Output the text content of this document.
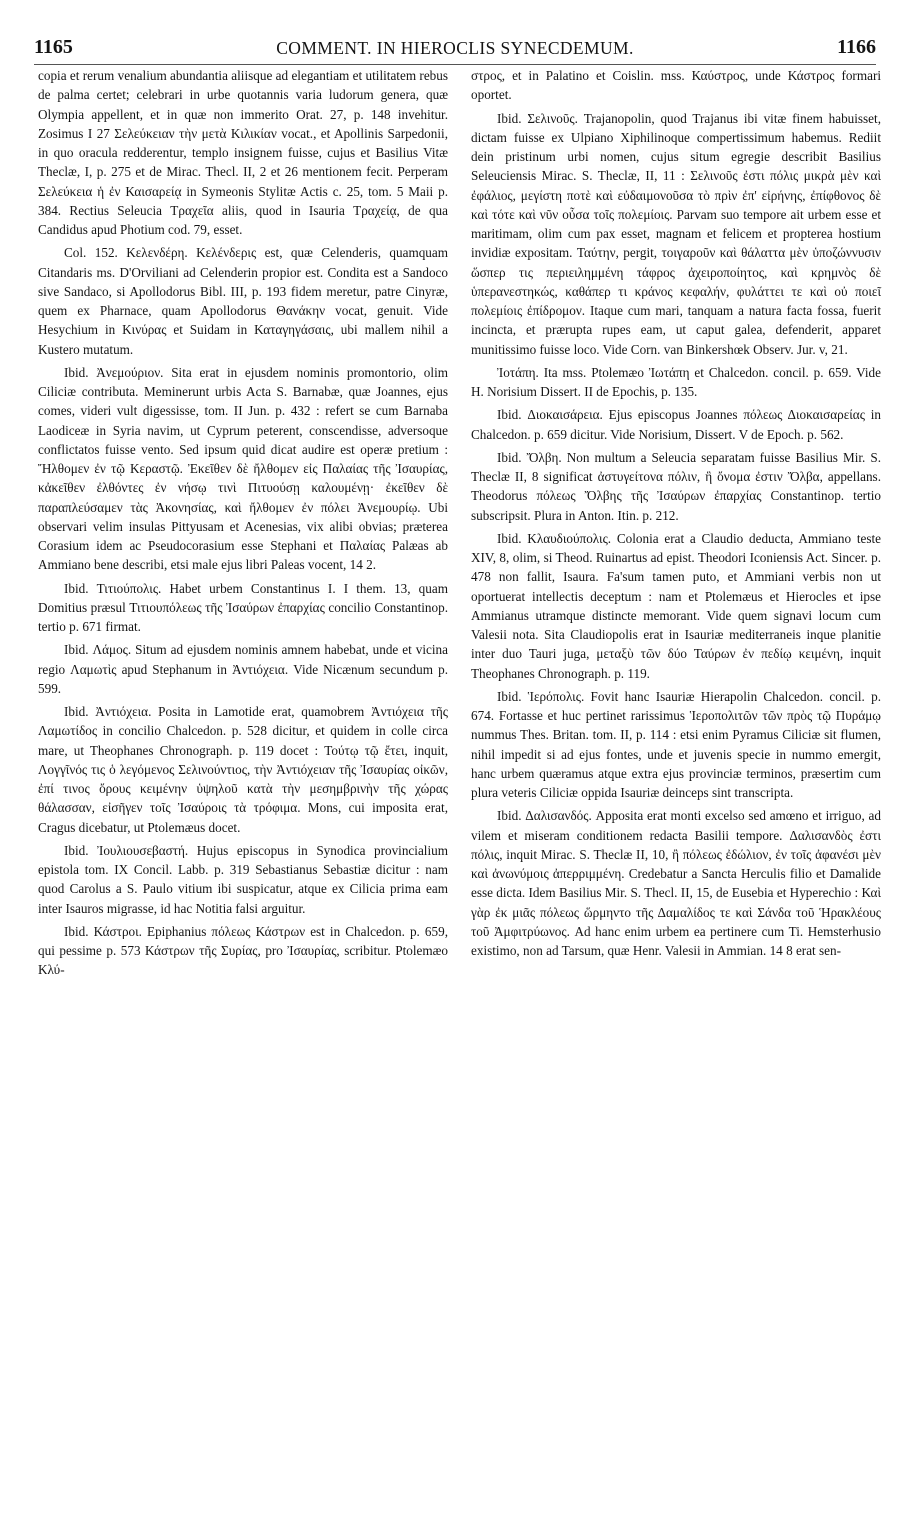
1165	COMMENT. IN HIEROCLIS SYNECDEMUM.	1166

copia et rerum venalium abundantia aliisque ad elegantiam et utilitatem rebus de palma certet; celebrari in urbe quotannis varia ludorum genera, quæ Olympia appellent, et in quæ non immerito Orat. 27, p. 148 invehitur. Zosimus I 27 Σελεύκειαν τὴν μετὰ Κιλικίαν vocat., et Apollinis Sarpedonii, in quo oracula redderentur, templo insignem fuisse, cujus et Basilius Vitæ Theclæ, I, p. 275 et de Mirac. Thecl. II, 2 et 26 mentionem fecit. Perperam Σελεύκεια ἡ ἐν Καισαρείᾳ in Symeonis Stylitæ Actis c. 25, tom. 5 Maii p. 384. Rectius Seleucia Τραχεῖα aliis, quod in Isauria Τραχείᾳ, de qua Candidus apud Photium cod. 79, esset.

Col. 152. Κελενδέρη. Κελένδερις est, quæ Celenderis, quamquam Citandaris ms. D'Orviliani ad Celenderin propior est. Condita est a Sandoco sive Sandaco, si Apollodorus Bibl. III, p. 193 fidem meretur, patre Cinyræ, quem ex Pharnace, quam Apollodorus Θανάκην vocat, genuit. Vide Hesychium in Κινύρας et Suidam in Καταγηγάσαις, ubi mallem nihil a Kustero mutatum.

Ibid. Ἀνεμούριον. Sita erat in ejusdem nominis promontorio, olim Ciliciæ contributa. Meminerunt urbis Acta S. Barnabæ, quæ Joannes, ejus comes, videri vult digessisse, tom. II Jun. p. 432 : refert se cum Barnaba Laodiceæ in Syria navim, ut Cyprum peterent, conscendisse, adversoque conflictatos fuisse vento. Sed ipsum quid dicat audire est operæ pretium : Ἤλθομεν ἐν τῷ Κεραστῷ. Ἐκεῖθεν δὲ ἤλθομεν εἰς Παλαίας τῆς Ἰσαυρίας, κἀκεῖθεν ἐλθόντες ἐν νήσῳ τινὶ Πιτυούσῃ καλουμένῃ· ἐκεῖθεν δὲ παραπλεύσαμεν τὰς Ἀκονησίας, καὶ ἤλθομεν ἐν πόλει Ἀνεμουρίῳ. Ubi observari velim insulas Pittyusam et Acenesias, vix alibi obvias; præterea Corasium idem ac Pseudocorasium esse Stephani et Παλαίας Palæas ab Ammiano bene describi, etsi male ejus libri Paleas vocent, 14 2.

Ibid. Τιτιούπολις. Habet urbem Constantinus I. I them. 13, quam Domitius præsul Τιτιουπόλεως τῆς Ἰσαύρων ἐπαρχίας concilio Constantinop. tertio p. 671 firmat.

Ibid. Λάμος. Situm ad ejusdem nominis amnem habebat, unde et vicina regio Λαμωτὶς apud Stephanum in Ἀντιόχεια. Vide Nicænum secundum p. 599.

Ibid. Ἀντιόχεια. Posita in Lamotide erat, quamobrem Ἀντιόχεια τῆς Λαμωτίδος in concilio Chalcedon. p. 528 dicitur, et quidem in colle circa mare, ut Theophanes Chronograph. p. 119 docet : Τούτῳ τῷ ἔτει, inquit, Λογγῖνός τις ὁ λεγόμενος Σελινούντιος, τὴν Ἀντιόχειαν τῆς Ἰσαυρίας οἰκῶν, ἐπί τινος ὄρους κειμένην ὑψηλοῦ κατὰ τὴν μεσημβρινὴν τῆς χώρας θάλασσαν, εἰσῆγεν τοῖς Ἰσαύροις τὰ τρόφιμα. Mons, cui imposita erat, Cragus dicebatur, ut Ptolemæus docet.

Ibid. Ἰουλιουσεβαστή. Hujus episcopus in Synodica provincialium epistola tom. IX Concil. Labb. p. 319 Sebastianus Sebastiæ dicitur : nam quod Carolus a S. Paulo vitium ibi suspicatur, atque ex Cilicia prima eam inter Isauros migrasse, id hac Notitia falsi arguitur.

Ibid. Κάστροι. Epiphanius πόλεως Κάστρων est in Chalcedon. p. 659, qui pessime p. 573 Κάστρων τῆς Συρίας, pro Ἰσαυρίας, scribitur. Ptolemæo Κλύ-

στρος, et in Palatino et Coislin. mss. Καύστρος, unde Κάστρος formari oportet.

Ibid. Σελινοῦς. Trajanopolin, quod Trajanus ibi vitæ finem habuisset, dictam fuisse ex Ulpiano Xiphilinoque compertissimum habemus. Rediit dein pristinum urbi nomen, cujus situm egregie describit Basilius Seleuciensis Mirac. S. Theclæ, II, 11 : Σελινοῦς ἐστι πόλις μικρὰ μὲν καὶ ἐφάλιος, μεγίστη ποτὲ καὶ εὐδαιμονοῦσα τὸ πρὶν ἐπ' εἰρήνης, ἐπίφθονος δὲ καὶ τότε καὶ νῦν οὖσα τοῖς πολεμίοις. Parvam suo tempore ait urbem esse et maritimam, olim cum pax esset, magnam et felicem et propterea hostium invidiæ expositam. Ταύτην, pergit, τοιγαροῦν καὶ θάλαττα μὲν ὑποζώννυσιν ὥσπερ τις περιειλημμένη τάφρος ἀχειροποίητος, καὶ κρημνὸς δὲ ὑπερανεστηκώς, καθάπερ τι κράνος κεφαλήν, φυλάττει τε καὶ οὐ ποιεῖ πολεμίοις ἐπίδρομον. Itaque cum mari, tanquam a natura facta fossa, fuerit incincta, et prærupta rupes eam, ut caput galea, defenderit, apparet munitissimo fuisse loco. Vide Corn. van Binkershœk Observ. Jur. v, 21.

Ἰοτάπη. Ita mss. Ptolemæo Ἰωτάπη et Chalcedon. concil. p. 659. Vide H. Norisium Dissert. II de Epochis, p. 135.

Ibid. Διοκαισάρεια. Ejus episcopus Joannes πόλεως Διοκαισαρείας in Chalcedon. p. 659 dicitur. Vide Norisium, Dissert. V de Epoch. p. 562.

Ibid. Ὄλβη. Non multum a Seleucia separatam fuisse Basilius Mir. S. Theclæ II, 8 significat ἀστυγείτονα πόλιν, ἣ ὄνομα ἐστιν Ὄλβα, appellans. Theodorus πόλεως Ὄλβης τῆς Ἰσαύρων ἐπαρχίας Constantinop. tertio subscripsit. Plura in Anton. Itin. p. 212.

Ibid. Κλαυδιούπολις. Colonia erat a Claudio deducta, Ammiano teste XIV, 8, olim, si Theod. Ruinartus ad epist. Theodori Iconiensis Act. Sincer. p. 478 non fallit, Isaura. Fa'sum tamen puto, et Ammiani verbis non ut oportuerat intellectis deceptum : nam et Ptolemæus et Hierocles et ipse Ammianus utramque distincte memorant. Vide quem signavi locum cum Valesii nota. Sita Claudiopolis erat in Isauriæ mediterraneis inque planitie inter duo Tauri juga, μεταξὺ τῶν δύο Ταύρων ἐν πεδίῳ κειμένη, inquit Theophanes Chronograph. p. 119.

Ibid. Ἱερόπολις. Fovit hanc Isauriæ Hierapolin Chalcedon. concil. p. 674. Fortasse et huc pertinet rarissimus Ἱεροπολιτῶν τῶν πρὸς τῷ Πυράμῳ nummus Thes. Britan. tom. II, p. 114 : etsi enim Pyramus Ciliciæ sit flumen, nihil impedit si ad ejus fontes, unde et juvenis specie in nummo emergit, hanc urbem quæramus atque extra ejus provinciæ terminos, præsertim cum plura veteris Ciliciæ oppida Isauriæ deinceps sint transcripta.

Ibid. Δαλισανδός. Apposita erat monti excelso sed amœno et irriguo, ad vilem et miseram conditionem redacta Basilii tempore. Δαλισανδὸς ἐστι πόλις, inquit Mirac. S. Theclæ II, 10, ἢ πόλεως ἐδώλιον, ἐν τοῖς ἀφανέσι μὲν καὶ ἀνωνύμοις ἀπερριμμένη. Credebatur a Sancta Herculis filio et Damalide esse dicta. Idem Basilius Mir. S. Thecl. II, 15, de Eusebia et Hyperechio : Καὶ γὰρ ἐκ μιᾶς πόλεως ὥρμηντο τῆς Δαμαλίδος τε καὶ Σάνδα τοῦ Ἡρακλέους τοῦ Ἀμφιτρύωνος. Ad hanc enim urbem ea pertinere cum Ti. Hemsterhusio existimo, non ad Tarsum, quæ Henr. Valesii in Ammian. 14 8 erat sen-
